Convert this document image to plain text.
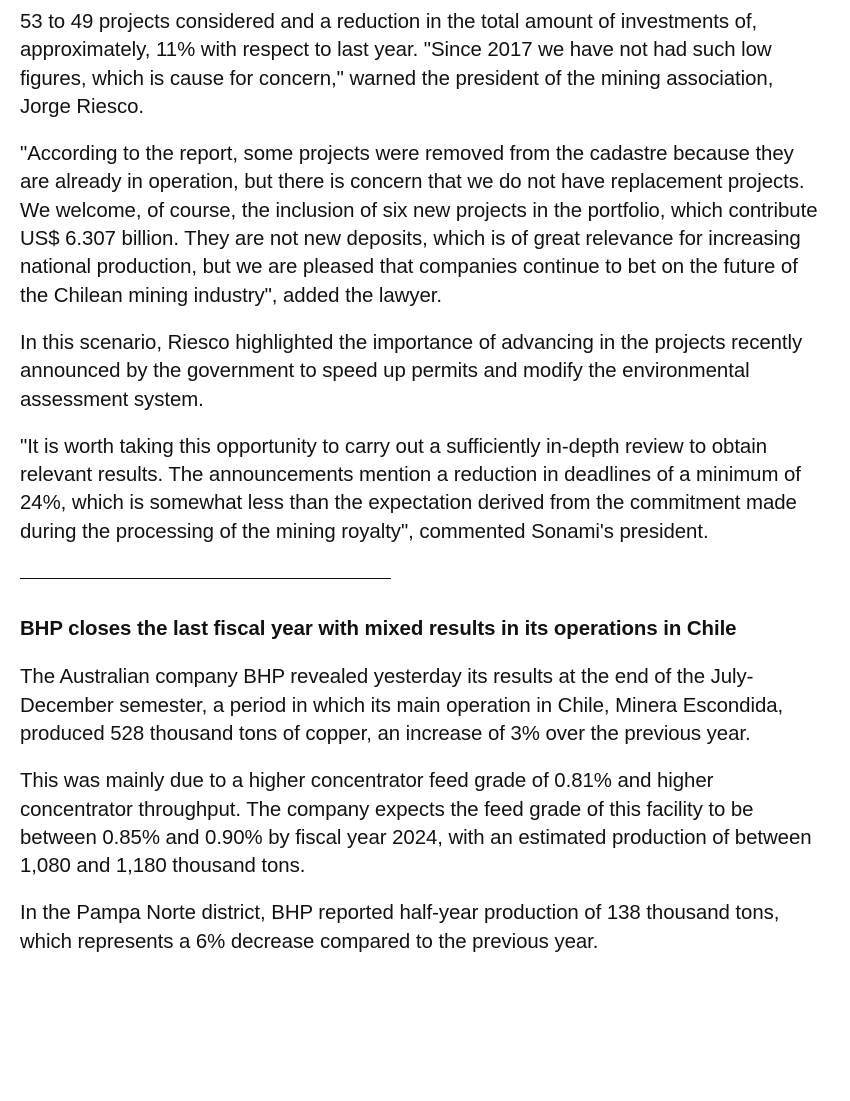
53 to 49 projects considered and a reduction in the total amount of investments of, approximately, 11% with respect to last year. "Since 2017 we have not had such low figures, which is cause for concern," warned the president of the mining association, Jorge Riesco.

"According to the report, some projects were removed from the cadastre because they are already in operation, but there is concern that we do not have replacement projects. We welcome, of course, the inclusion of six new projects in the portfolio, which contribute US$ 6.307 billion. They are not new deposits, which is of great relevance for increasing national production, but we are pleased that companies continue to bet on the future of the Chilean mining industry", added the lawyer.

In this scenario, Riesco highlighted the importance of advancing in the projects recently announced by the government to speed up permits and modify the environmental assessment system.

"It is worth taking this opportunity to carry out a sufficiently in-depth review to obtain relevant results. The announcements mention a reduction in deadlines of a minimum of 24%, which is somewhat less than the expectation derived from the commitment made during the processing of the mining royalty", commented Sonami's president.

BHP closes the last fiscal year with mixed results in its operations in Chile

The Australian company BHP revealed yesterday its results at the end of the July-December semester, a period in which its main operation in Chile, Minera Escondida, produced 528 thousand tons of copper, an increase of 3% over the previous year.

This was mainly due to a higher concentrator feed grade of 0.81% and higher concentrator throughput. The company expects the feed grade of this facility to be between 0.85% and 0.90% by fiscal year 2024, with an estimated production of between 1,080 and 1,180 thousand tons.

In the Pampa Norte district, BHP reported half-year production of 138 thousand tons, which represents a 6% decrease compared to the previous year.
